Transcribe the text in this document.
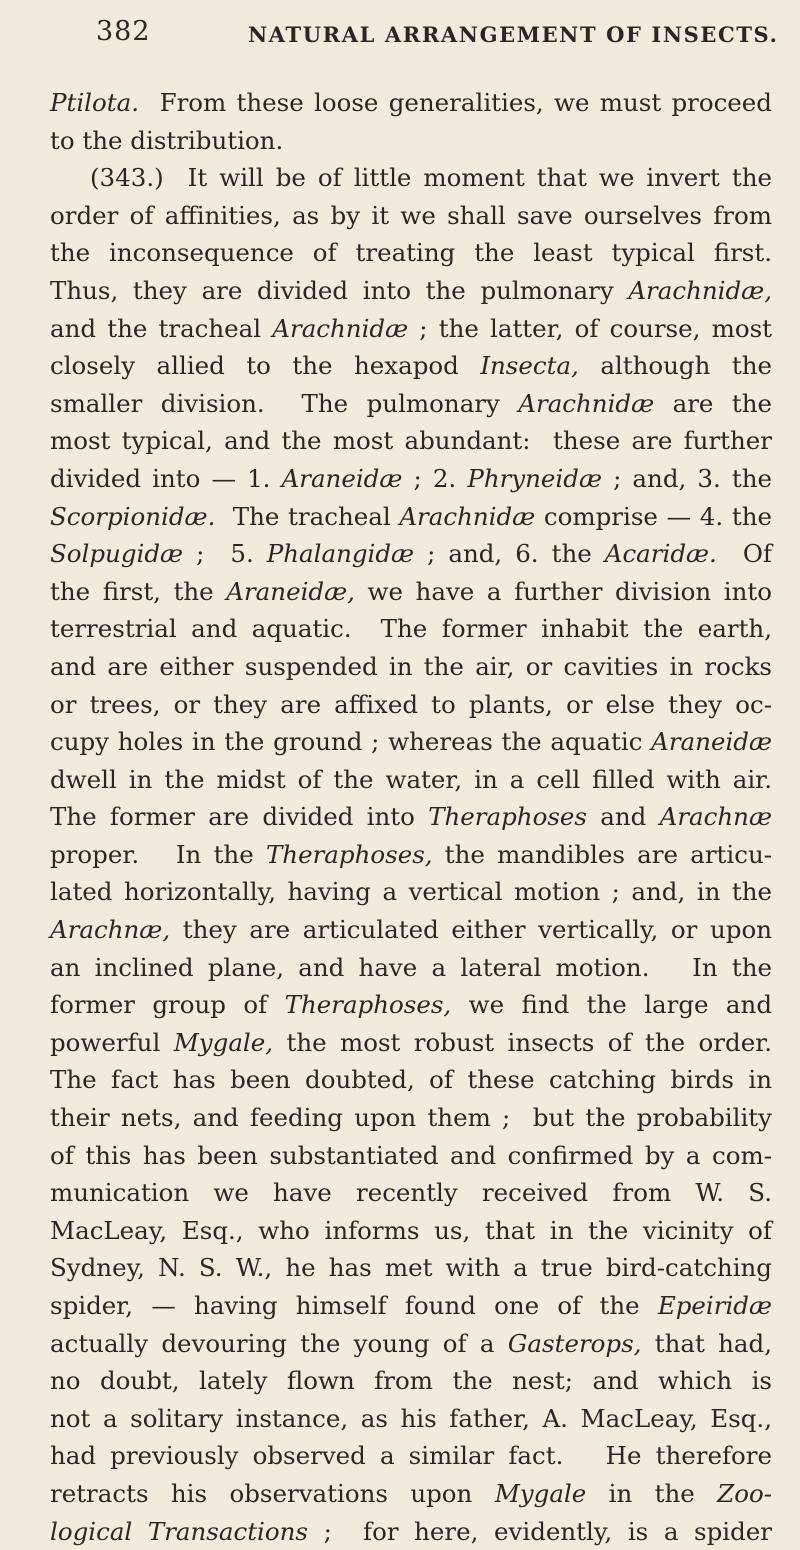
382	NATURAL ARRANGEMENT OF INSECTS.
Ptilota.  From these loose generalities, we must proceed
to the distribution.
(343.)  It will be of little moment that we invert the
order of affinities, as by it we shall save ourselves from
the inconsequence of treating the least typical first.
Thus, they are divided into the pulmonary Arachnidæ,
and the tracheal Arachnidæ ; the latter, of course, most
closely allied to the hexapod Insecta, although the
smaller division.  The pulmonary Arachnidæ are the
most typical, and the most abundant:  these are further
divided into — 1. Araneidæ ; 2. Phryneidæ ; and, 3. the
Scorpionidæ.  The tracheal Arachnidæ comprise — 4. the
Solpugidæ ;  5. Phalangidæ ; and, 6. the Acaridæ.  Of
the first, the Araneidæ, we have a further division into
terrestrial and aquatic.  The former inhabit the earth,
and are either suspended in the air, or cavities in rocks
or trees, or they are affixed to plants, or else they oc-
cupy holes in the ground ; whereas the aquatic Araneidæ
dwell in the midst of the water, in a cell filled with air.
The former are divided into Theraphoses and Arachnæ
proper.   In the Theraphoses, the mandibles are articu-
lated horizontally, having a vertical motion ; and, in the
Arachnæ, they are articulated either vertically, or upon
an inclined plane, and have a lateral motion.   In the
former group of Theraphoses, we find the large and
powerful Mygale, the most robust insects of the order.
The fact has been doubted, of these catching birds in
their nets, and feeding upon them ;  but the probability
of this has been substantiated and confirmed by a com-
munication we have recently received from W. S.
MacLeay, Esq., who informs us, that in the vicinity of
Sydney, N. S. W., he has met with a true bird-catching
spider, — having himself found one of the Epeiridæ
actually devouring the young of a Gasterops, that had,
no doubt, lately flown from the nest; and which is
not a solitary instance, as his father, A. MacLeay, Esq.,
had previously observed a similar fact.   He therefore
retracts his observations upon Mygale in the Zoo-
logical Transactions ;  for here, evidently, is a spider
